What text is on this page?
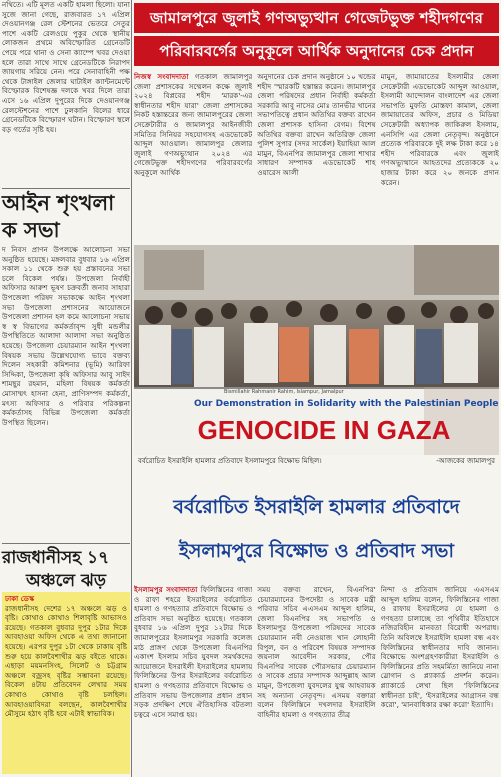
নথিতে। এটি মূলত একটি হামলা ছিলো। যানা সুজে জানা গেছে, রাজবারত ১৭ এপ্রিল দেওয়ানগঞ্জ রেল স্টেশনের ভেতরে সেতুর পাশে একটি রেলওয়ে পুকুর থেকে স্থানীয় লোকজন প্রথমে অবিস্ফোরিত গ্রেনেডটি পেয়ে পরে থানা ও সেনা ক্যাম্পে খবর দেওয়া হলে তারা সাথে সাথে গ্রেনেডটিকে নিরাপদ জায়গায় সরিয়ে নেন। পরে সেনাবাহিনী পক্ষ থেকে টাঙ্গাইল জেলার ঘাটাইল ক্যান্টনমেন্টে বিস্ফোরক বিশেষজ্ঞ দলকে খবর দিলে তারা এসে ১৬ এপ্রিল দুপুরের দিকে দেওয়ানগঞ্জ রেলস্টেশনের পাশে ঢুলকানি বিলের ধারে গ্রেনেডটিকে বিস্ফোরণ ঘটান। বিস্ফোরণ স্থলে বড় গর্তের সৃষ্টি হয়।
আইন শৃংখলা
ক সভা
দ নিবস প্রাণন উপলক্ষে আলোচনা সভা অনুষ্ঠিত হয়েছে। মঙ্গলবার বুধবার ১৬ এপ্রিল সকাল ১১ থেকে শুরু হয় প্রস্তাবনের সভা চলে বিকেল পর্যন্ত। উপজেলা নির্বাহী অফিসার আরুশ ভূষণ চক্রবর্তী জনাব সাহারা উপজেলা পরিষদ সভাকক্ষে আইন শৃংখলা সভা উপজেলা প্রশাসনের আয়োজনে উপজেলা প্রশাসন হল কমে আলোচনা সভায় স্ব স্ব বিভাগের কর্মকর্তাবৃন্দ সুধী মন্ডলীর উপস্থিতিতে আলাদা আলাদা সভা অনুষ্ঠিত হয়েছে। উপজেলা চেয়ারম্যান আইন শৃংখলা বিষয়ক সভায় উল্লেখযোগ্য ভাবে বক্তব্য দিলেন সহকারী কমিশনার (ভূমি) আরিফা সিদ্দিকা, উপজেলা কৃষি অফিসার আবু সাইদ শামছুর রহমান, মহিলা বিষয়ক কর্মকর্তা মোসাম্মৎ হাসনা হেনা, প্রাণিসম্পদ কর্মকর্তা, মৎস্য অফিসার ও পরিবার পরিকল্পনা কর্মকর্তাসহ বিভিন্ন উপজেলা কর্মকর্তা উপস্থিত ছিলেন।
রাজধানীসহ ১৭
অঞ্চলে ঝড়
ঢাকা ডেস্ক
রাজধানীসহ দেশের ১৭ অঞ্চলে ঝড় ও বৃষ্টি। কোথাও কোথাও শিলাবৃষ্টি আভাসও রয়েছে। গতকাল বুধবার দুপুর ১টার দিকে আবহাওয়া অফিস থেকে এ তথ্য জানানো হয়েছে। এরপর দুপুর ১টা থেকে ঢাকায় বৃষ্টি শুরু হয়ে কালবৈশাখীর ঝড় বইতে থাকে। এছাড়া ময়মনসিংহ, সিলেট ও চট্টগ্রাম অঞ্চলে বজ্রসহ বৃষ্টির সম্ভাবনা রয়েছে। বিকেল ৪টায় প্রতিবেদন লেখার সময় কোথাও কোথাও বৃষ্টি চলছিল। আবহাওয়াবিদরা বলছেন, কালবৈশাখীর মৌসুমে হঠাৎ বৃষ্টি হবে এটাই স্বাভাবিক।
জামালপুরে জুলাই গণঅভ্যুত্থান গেজেটভুক্ত শহীদগণের
পরিবারবর্গের অনুকূলে আর্থিক অনুদানের চেক প্রদান
নিজস্ব সংবাদদাতা গতকাল জামালপুর জেলা প্রশাসকের সম্মেলন কক্ষে জুলাই ২০২৪ বিপ্লবের শহীদ 'মারক'-এর স্বাধীনতার শহীদ যারা' জেলা প্রশাসকের নিকট হস্তান্তরের জন্য জামালপুরের জেলা সেক্রেটারীর ও জামালপুর আইনজীবী সমিতির সিনিয়র সহযোগসহ এডভোকেট আব্দুল আওয়াল। জামালপুর জেলার জুলাই গণঅভ্যুত্থান ২০২৪ এর গেজেটভুক্ত শহীদগণের পরিবারবর্গের অনুকূলে আর্থিক
অনুদানের চেক প্রদান অনুষ্ঠানে ১০ খন্ডের শহীদ 'স্মারকটি হস্তান্তর করেন। জামালপুর জেলা পরিষদের প্রধান নির্বাহী কর্মকর্তা সরকারি আবু নাসের মোঃ তানভীর খানের সভাপতিত্বে প্রধান অতিথির বক্তব্য রাখেন জেলা প্রশাসক হাসিনা বেগম। বিশেষ অতিথির বক্তব্য রাখেন অতিরিক্ত জেলা পুলিশ সুপার (সদর সার্কেল) ইয়াহিয়া আল মামুন, বিএনপির জামালপুর জেলা শাখার সাধারণ সম্পাদক এডভোকেট শাহ ওয়ারেস আলী
মামুন, জামায়াতের ইসলামীর জেলা সেক্রেটারী এডভোকেট আব্দুল আওয়াল, ইসলামী আন্দোলন বাংলাদেশ এর জেলা সভাপতি মুফতি মোস্তফা কামাল, জেলা জামায়াতের অফিস, প্রচার ও মিডিয়া সেক্রেটারী অধ্যাপক জাকিরুল ইসলাম, এনসিপি এর জেলা নেতৃবৃন্দ। অনুষ্ঠানে প্রত্যেক পরিবারকে দুই লক্ষ টাকা করে ১৪ শহীদ পরিবারকে এবং জুলাই গণঅভ্যুত্থানে আহতদের প্রত্যেককে ২০ হাজার টাকা করে ২০ জনকে প্রদান করেন।
Bismillahir Rahmanir Rahim, Islampur, Jamalpur
Our Demonstration in Solidarity with the Palestinian People
GENOCIDE IN GAZA
বর্বরোচিত ইসরাইলি হামলার প্রতিবাদে ইসলামপুরে বিক্ষোভ মিছিল।	-আজকের জামালপুর
বর্বরোচিত ইসরাইলি হামলার প্রতিবাদে
ইসলামপুরে বিক্ষোভ ও প্রতিবাদ সভা
ইসলামপুর সংবাদদাতা ফিলিস্তিনের গাজা ও রাফা শহরে ইসরাইলের বর্বরোচিত হামলা ও গণহত্যার প্রতিবাদে বিক্ষোভ ও প্রতিবাদ সভা অনুষ্ঠিত হয়েছে। গতকাল বুধবার ১৬ এপ্রিল দুপুর ১২টার দিকে জামালপুরের ইসলামপুর সরকারি কলেজ মাঠ প্রাঙ্গণ থেকে উপজেলা বিএনপির একাংশ ইসলাম সচিব যুবদল সমর্থকদের আয়োজনে ইসরাইলী ইসরাইলের হামলায় ফিলিস্তিনের উপর ইসরাইলের বর্বরোচিত হামলা ও গণহত্যার প্রতিবাদে বিক্ষোভ ও প্রতিবাদ সভায় উপজেলার প্রধান প্রধান সড়ক প্রদক্ষিণ শেষে ঐতিহাসিক বটতলা চত্বরে এসে সমাপ্ত হয়।
সময় বক্তব্য রাখেন, বিএনপির' চেয়ারম্যানের উপদেষ্টা ও সাবেক মন্ত্রী পরিবার সচিব এএসএম আব্দুল হালিম, জেলা বিএনপির সহ সভাপতি ও ইসলামপুর উপজেলা পরিষদের সাবেক চেয়ারম্যান নবী নেওয়াজ খান লোহানী বিপুল, বন ও পরিবেশ বিষয়ক সম্পাদক জয়নাল আবেদীন সরকার, পৌর বিএনপির সাবেক পৌরসভার চেয়ারম্যান ও সাবেক প্রচার সম্পাদক আব্দুল্লাহ আল মামুন, উপজেলা যুবদলের যুগ্ম আহবায়ক সহ অন্যান্য নেতৃবৃন্দ। এসময় বক্তারা বলেন ফিলিস্তিনে দখলদার ইসরাইলি বাহিনীর হামলা ও গণহত্যার তীব্র
নিন্দা ও প্রতিবাদ জানিয়ে এএসএম আব্দুল হালিম বলেন, ফিলিস্তিনের গাজা ও রাফায় ইসরাইলের যে হামলা ও গণহত্যা চালাচ্ছে তা পৃথিবীর ইতিহাসে নজিরবিহীন মানবতা বিরোধী অপরাধ। তিনি অবিলম্বে ইসরাইলি হামলা বন্ধ এবং ফিলিস্তিনের স্বাধীনতার দাবি জানান। বিক্ষোভে অংশগ্রহণকারীরা ইসরাইলি ও ফিলিস্তিনের প্রতি সহমর্মিতা জানিয়ে নানা স্লোগান ও প্ল্যাকার্ড প্রদর্শন করেন। প্ল্যাকার্ডে লেখা ছিল 'ফিলিস্তিনের স্বাধীনতা চাই', 'ইসরাইলের আগ্রাসন বন্ধ করো', 'মানবাধিকার রক্ষা করো' ইত্যাদি।
